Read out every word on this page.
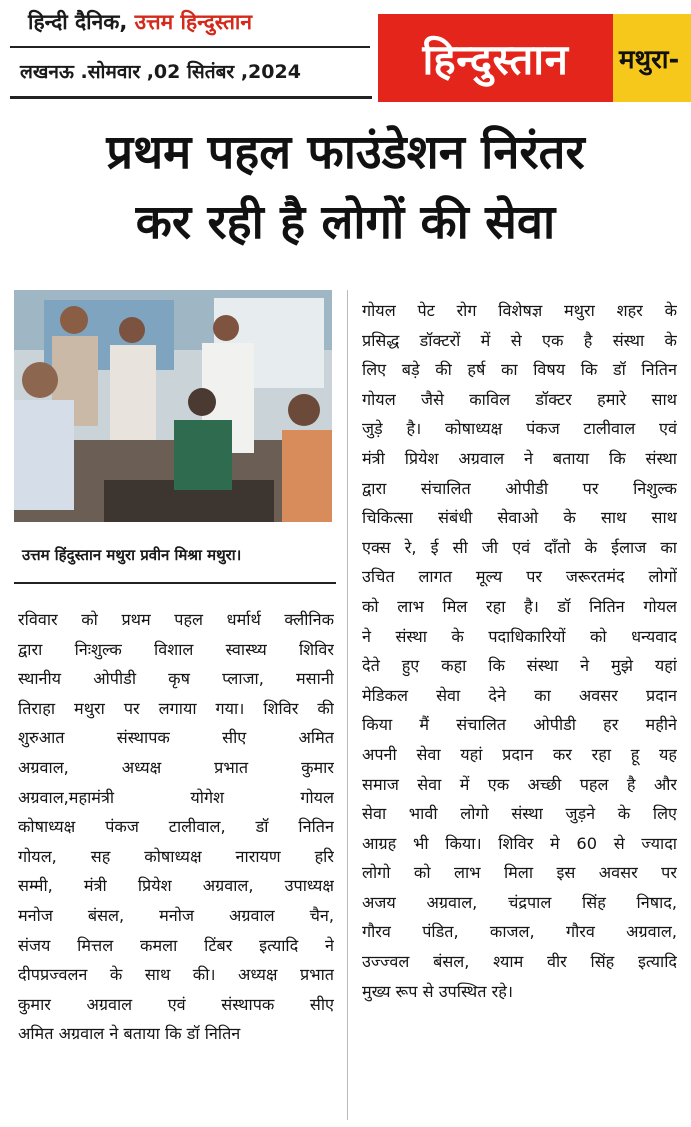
हिन्दी दैनिक, उत्तम हिन्दुस्तान
लखनऊ .सोमवार ,02 सितंबर ,2024	हिन्दुस्तान	मथुरा-
प्रथम पहल फाउंडेशन निरंतर
कर रही है लोगों की सेवा
उत्तम हिंदुस्तान मथुरा प्रवीन मिश्रा मथुरा।
रविवार को प्रथम पहल धर्मार्थ क्लीनिक
द्वारा निःशुल्क विशाल स्वास्थ्य शिविर
स्थानीय ओपीडी कृष प्लाजा, मसानी
तिराहा मथुरा पर लगाया गया। शिविर की
शुरुआत संस्थापक सीए अमित
अग्रवाल, अध्यक्ष प्रभात कुमार
अग्रवाल,महामंत्री योगेश गोयल
कोषाध्यक्ष पंकज टालीवाल, डॉ नितिन
गोयल, सह कोषाध्यक्ष नारायण हरि
सम्मी, मंत्री प्रियेश अग्रवाल, उपाध्यक्ष
मनोज बंसल, मनोज अग्रवाल चैन,
संजय मित्तल कमला टिंबर इत्यादि ने
दीपप्रज्वलन के साथ की। अध्यक्ष प्रभात
कुमार अग्रवाल एवं संस्थापक सीए
अमित अग्रवाल ने बताया कि डॉ नितिन
गोयल पेट रोग विशेषज्ञ मथुरा शहर के
प्रसिद्ध डॉक्टरों में से एक है संस्था के
लिए बड़े की हर्ष का विषय कि डॉ नितिन
गोयल जैसे काविल डॉक्टर हमारे साथ
जुड़े है। कोषाध्यक्ष पंकज टालीवाल एवं
मंत्री प्रियेश अग्रवाल ने बताया कि संस्था
द्वारा संचालित ओपीडी पर निशुल्क
चिकित्सा संबंधी सेवाओ के साथ साथ
एक्स रे, ई सी जी एवं दाँतो के ईलाज का
उचित लागत मूल्य पर जरूरतमंद लोगों
को लाभ मिल रहा है। डॉ नितिन गोयल
ने संस्था के पदाधिकारियों को धन्यवाद
देते हुए कहा कि संस्था ने मुझे यहां
मेडिकल सेवा देने का अवसर प्रदान
किया मैं संचालित ओपीडी हर महीने
अपनी सेवा यहां प्रदान कर रहा हू यह
समाज सेवा में एक अच्छी पहल है और
सेवा भावी लोगो संस्था जुड़ने के लिए
आग्रह भी किया। शिविर मे 60 से ज्यादा
लोगो को लाभ मिला इस अवसर पर
अजय अग्रवाल, चंद्रपाल सिंह निषाद,
गौरव पंडित, काजल, गौरव अग्रवाल,
उज्ज्वल बंसल, श्याम वीर सिंह इत्यादि
मुख्य रूप से उपस्थित रहे।
